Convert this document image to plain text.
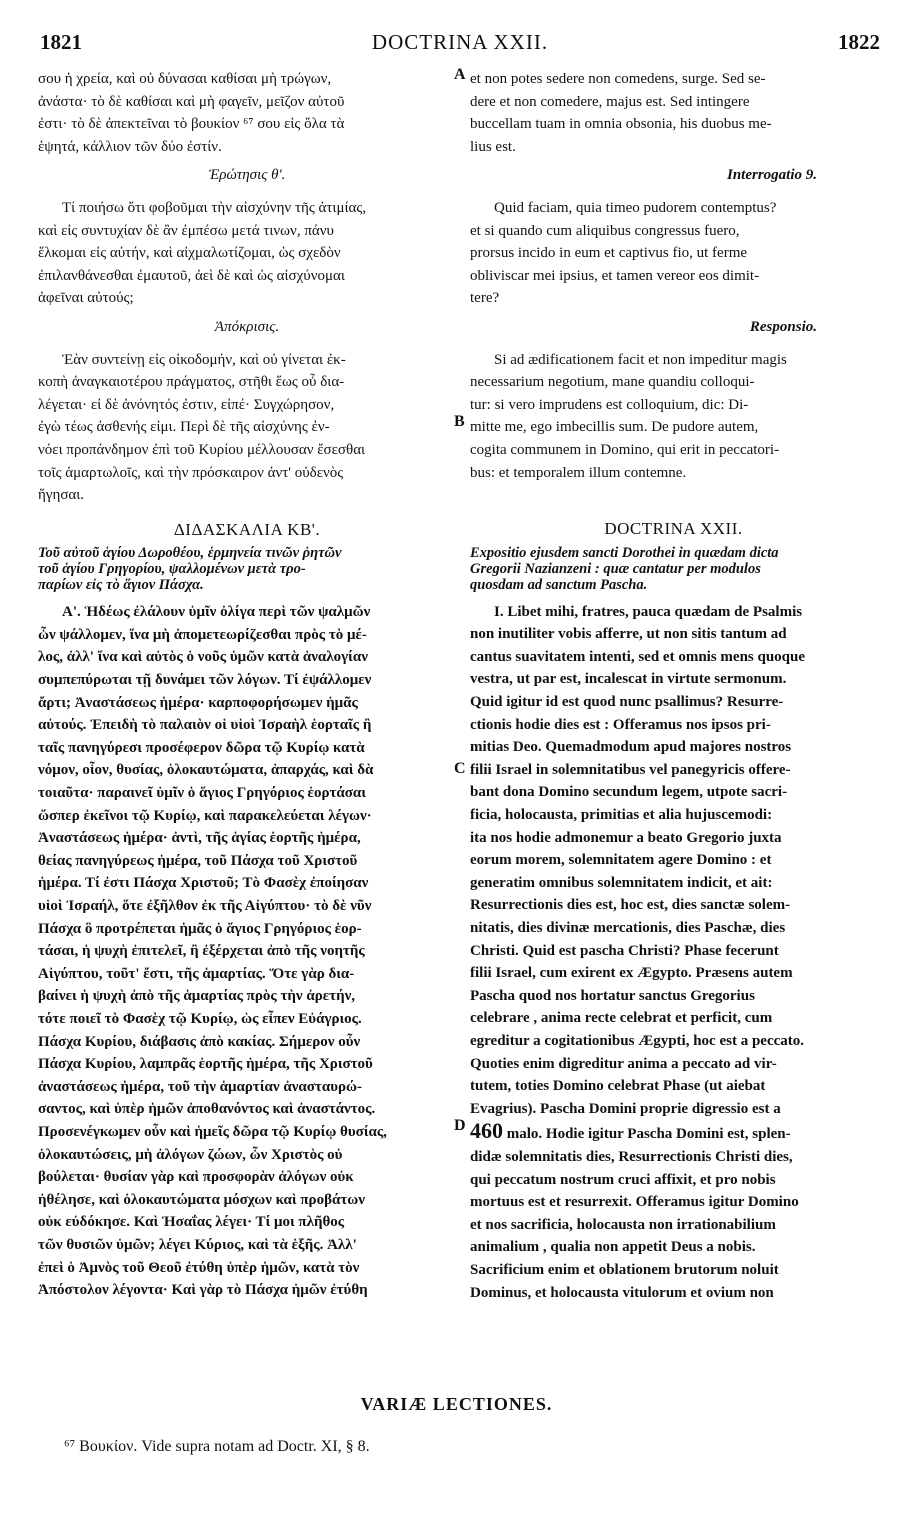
1821	DOCTRINA XXII.	1822

σου ἡ χρεία, καὶ οὐ δύνασαι καθίσαι μὴ τρώγων,

ἀνάστα· τὸ δὲ καθίσαι καὶ μὴ φαγεῖν, μεῖζον αὐτοῦ

ἐστι· τὸ δὲ ἀπεκτεῖναι τὸ βουκίον ⁶⁷ σου εἰς ὅλα τὰ

ἑψητά, κάλλιον τῶν δύο ἐστίν.

Ἐρώτησις θ'.

Τί ποιήσω ὅτι φοβοῦμαι τὴν αἰσχύνην τῆς ἀτιμίας,

καὶ εἰς συντυχίαν δὲ ἂν ἐμπέσω μετά τινων, πάνυ

ἕλκομαι εἰς αὐτήν, καὶ αἰχμαλωτίζομαι, ὡς σχεδὸν

ἐπιλανθάνεσθαι ἐμαυτοῦ, ἀεὶ δὲ καὶ ὡς αἰσχύνομαι

ἀφεῖναι αὐτούς;

Ἀπόκρισις.

Ἐὰν συντείνῃ εἰς οἰκοδομήν, καὶ οὐ γίνεται ἐκ-

κοπὴ ἀναγκαιοτέρου πράγματος, στῆθι ἕως οὗ δια-

λέγεται· εἰ δὲ ἀνόνητός ἐστιν, εἰπέ· Συγχώρησον,

ἐγὼ τέως ἀσθενής εἰμι. Περὶ δὲ τῆς αἰσχύνης ἐν-

νόει προπάνδημον ἐπὶ τοῦ Κυρίου μέλλουσαν ἔσεσθαι

τοῖς ἁμαρτωλοῖς, καὶ τὴν πρόσκαιρον ἀντ' οὐδενὸς

ἥγησαι.

ΔΙΔΑΣΚΑΛΙΑ ΚΒ'.

Τοῦ αὐτοῦ ἁγίου Δωροθέου, ἑρμηνεία τινῶν ῥητῶν

τοῦ ἁγίου Γρηγορίου, ψαλλομένων μετὰ τρο-

παρίων εἰς τὸ ἅγιον Πάσχα.

Α'. Ἡδέως ἐλάλουν ὑμῖν ὀλίγα περὶ τῶν ψαλμῶν

ὧν ψάλλομεν, ἵνα μὴ ἀπομετεωρίζεσθαι πρὸς τὸ μέ-

λος, ἀλλ' ἵνα καὶ αὐτὸς ὁ νοῦς ὑμῶν κατὰ ἀναλογίαν

συμπεπύρωται τῇ δυνάμει τῶν λόγων. Τί ἐψάλλομεν

ἄρτι; Ἀναστάσεως ἡμέρα· καρποφορήσωμεν ἡμᾶς

αὐτούς. Ἐπειδὴ τὸ παλαιὸν οἱ υἱοὶ Ἰσραὴλ ἑορταῖς ἢ

ταῖς πανηγύρεσι προσέφερον δῶρα τῷ Κυρίῳ κατὰ

νόμον, οἷον, θυσίας, ὁλοκαυτώματα, ἀπαρχάς, καὶ δὰ

τοιαῦτα· παραινεῖ ὑμῖν ὁ ἅγιος Γρηγόριος ἑορτάσαι

ὥσπερ ἐκεῖνοι τῷ Κυρίῳ, καὶ παρακελεύεται λέγων·

Ἀναστάσεως ἡμέρα· ἀντὶ, τῆς ἁγίας ἑορτῆς ἡμέρα,

θείας πανηγύρεως ἡμέρα, τοῦ Πάσχα τοῦ Χριστοῦ

ἡμέρα. Τί ἐστι Πάσχα Χριστοῦ; Τὸ Φασὲχ ἐποίησαν

υἱοὶ Ἰσραήλ, ὅτε ἐξῆλθον ἐκ τῆς Αἰγύπτου· τὸ δὲ νῦν

Πάσχα ὃ προτρέπεται ἡμᾶς ὁ ἅγιος Γρηγόριος ἑορ-

τάσαι, ἡ ψυχὴ ἐπιτελεῖ, ἢ ἐξέρχεται ἀπὸ τῆς νοητῆς

Αἰγύπτου, τοῦτ' ἔστι, τῆς ἁμαρτίας. Ὅτε γὰρ δια-

βαίνει ἡ ψυχὴ ἀπὸ τῆς ἁμαρτίας πρὸς τὴν ἀρετήν,

τότε ποιεῖ τὸ Φασὲχ τῷ Κυρίῳ, ὡς εἶπεν Εὐάγριος.

Πάσχα Κυρίου, διάβασις ἀπὸ κακίας. Σήμερον οὖν

Πάσχα Κυρίου, λαμπρᾶς ἑορτῆς ἡμέρα, τῆς Χριστοῦ

ἀναστάσεως ἡμέρα, τοῦ τὴν ἁμαρτίαν ἀνασταυρώ-

σαντος, καὶ ὑπὲρ ἡμῶν ἀποθανόντος καὶ ἀναστάντος.

Προσενέγκωμεν οὖν καὶ ἡμεῖς δῶρα τῷ Κυρίῳ θυσίας,

ὁλοκαυτώσεις, μὴ ἀλόγων ζώων, ὧν Χριστὸς οὐ

βούλεται· θυσίαν γὰρ καὶ προσφορὰν ἀλόγων οὐκ

ἠθέλησε, καὶ ὁλοκαυτώματα μόσχων καὶ προβάτων

οὐκ εὐδόκησε. Καὶ Ἡσαΐας λέγει· Τί μοι πλῆθος

τῶν θυσιῶν ὑμῶν; λέγει Κύριος, καὶ τὰ ἑξῆς. Ἀλλ'

ἐπεὶ ὁ Ἀμνὸς τοῦ Θεοῦ ἐτύθη ὑπὲρ ἡμῶν, κατὰ τὸν

Ἀπόστολον λέγοντα· Καὶ γὰρ τὸ Πάσχα ἡμῶν ἐτύθη

A
B
C
D

et non potes sedere non comedens, surge. Sed se-

dere et non comedere, majus est. Sed intingere

buccellam tuam in omnia obsonia, his duobus me-

lius est.

Interrogatio 9.

Quid faciam, quia timeo pudorem contemptus?

et si quando cum aliquibus congressus fuero,

prorsus incido in eum et captivus fio, ut ferme

obliviscar mei ipsius, et tamen vereor eos dimit-

tere?

Responsio.

Si ad ædificationem facit et non impeditur magis

necessarium negotium, mane quandiu colloqui-

tur: si vero imprudens est colloquium, dic: Di-

mitte me, ego imbecillis sum. De pudore autem,

cogita communem in Domino, qui erit in peccatori-

bus: et temporalem illum contemne.

DOCTRINA XXII.

Expositio ejusdem sancti Dorothei in quædam dicta

Gregorii Nazianzeni : quæ cantatur per modulos

quosdam ad sanctum Pascha.

I. Libet mihi, fratres, pauca quædam de Psalmis

non inutiliter vobis afferre, ut non sitis tantum ad

cantus suavitatem intenti, sed et omnis mens quoque

vestra, ut par est, incalescat in virtute sermonum.

Quid igitur id est quod nunc psallimus? Resurre-

ctionis hodie dies est : Offeramus nos ipsos pri-

mitias Deo. Quemadmodum apud majores nostros

filii Israel in solemnitatibus vel panegyricis offere-

bant dona Domino secundum legem, utpote sacri-

ficia, holocausta, primitias et alia hujuscemodi:

ita nos hodie admonemur a beato Gregorio juxta

eorum morem, solemnitatem agere Domino : et

generatim omnibus solemnitatem indicit, et ait:

Resurrectionis dies est, hoc est, dies sanctæ solem-

nitatis, dies divinæ mercationis, dies Paschæ, dies

Christi. Quid est pascha Christi? Phase fecerunt

filii Israel, cum exirent ex Ægypto. Præsens autem

Pascha quod nos hortatur sanctus Gregorius

celebrare , anima recte celebrat et perficit, cum

egreditur a cogitationibus Ægypti, hoc est a peccato.

Quoties enim digreditur anima a peccato ad vir-

tutem, toties Domino celebrat Phase (ut aiebat

Evagrius). Pascha Domini proprie digressio est a

460 malo. Hodie igitur Pascha Domini est, splen-

didæ solemnitatis dies, Resurrectionis Christi dies,

qui peccatum nostrum cruci affixit, et pro nobis

mortuus est et resurrexit. Offeramus igitur Domino

et nos sacrificia, holocausta non irrationabilium

animalium , qualia non appetit Deus a nobis.

Sacrificium enim et oblationem brutorum noluit

Dominus, et holocausta vitulorum et ovium non

VARIÆ LECTIONES.
⁶⁷ Βουκίον. Vide supra notam ad Doctr. XI, § 8.
